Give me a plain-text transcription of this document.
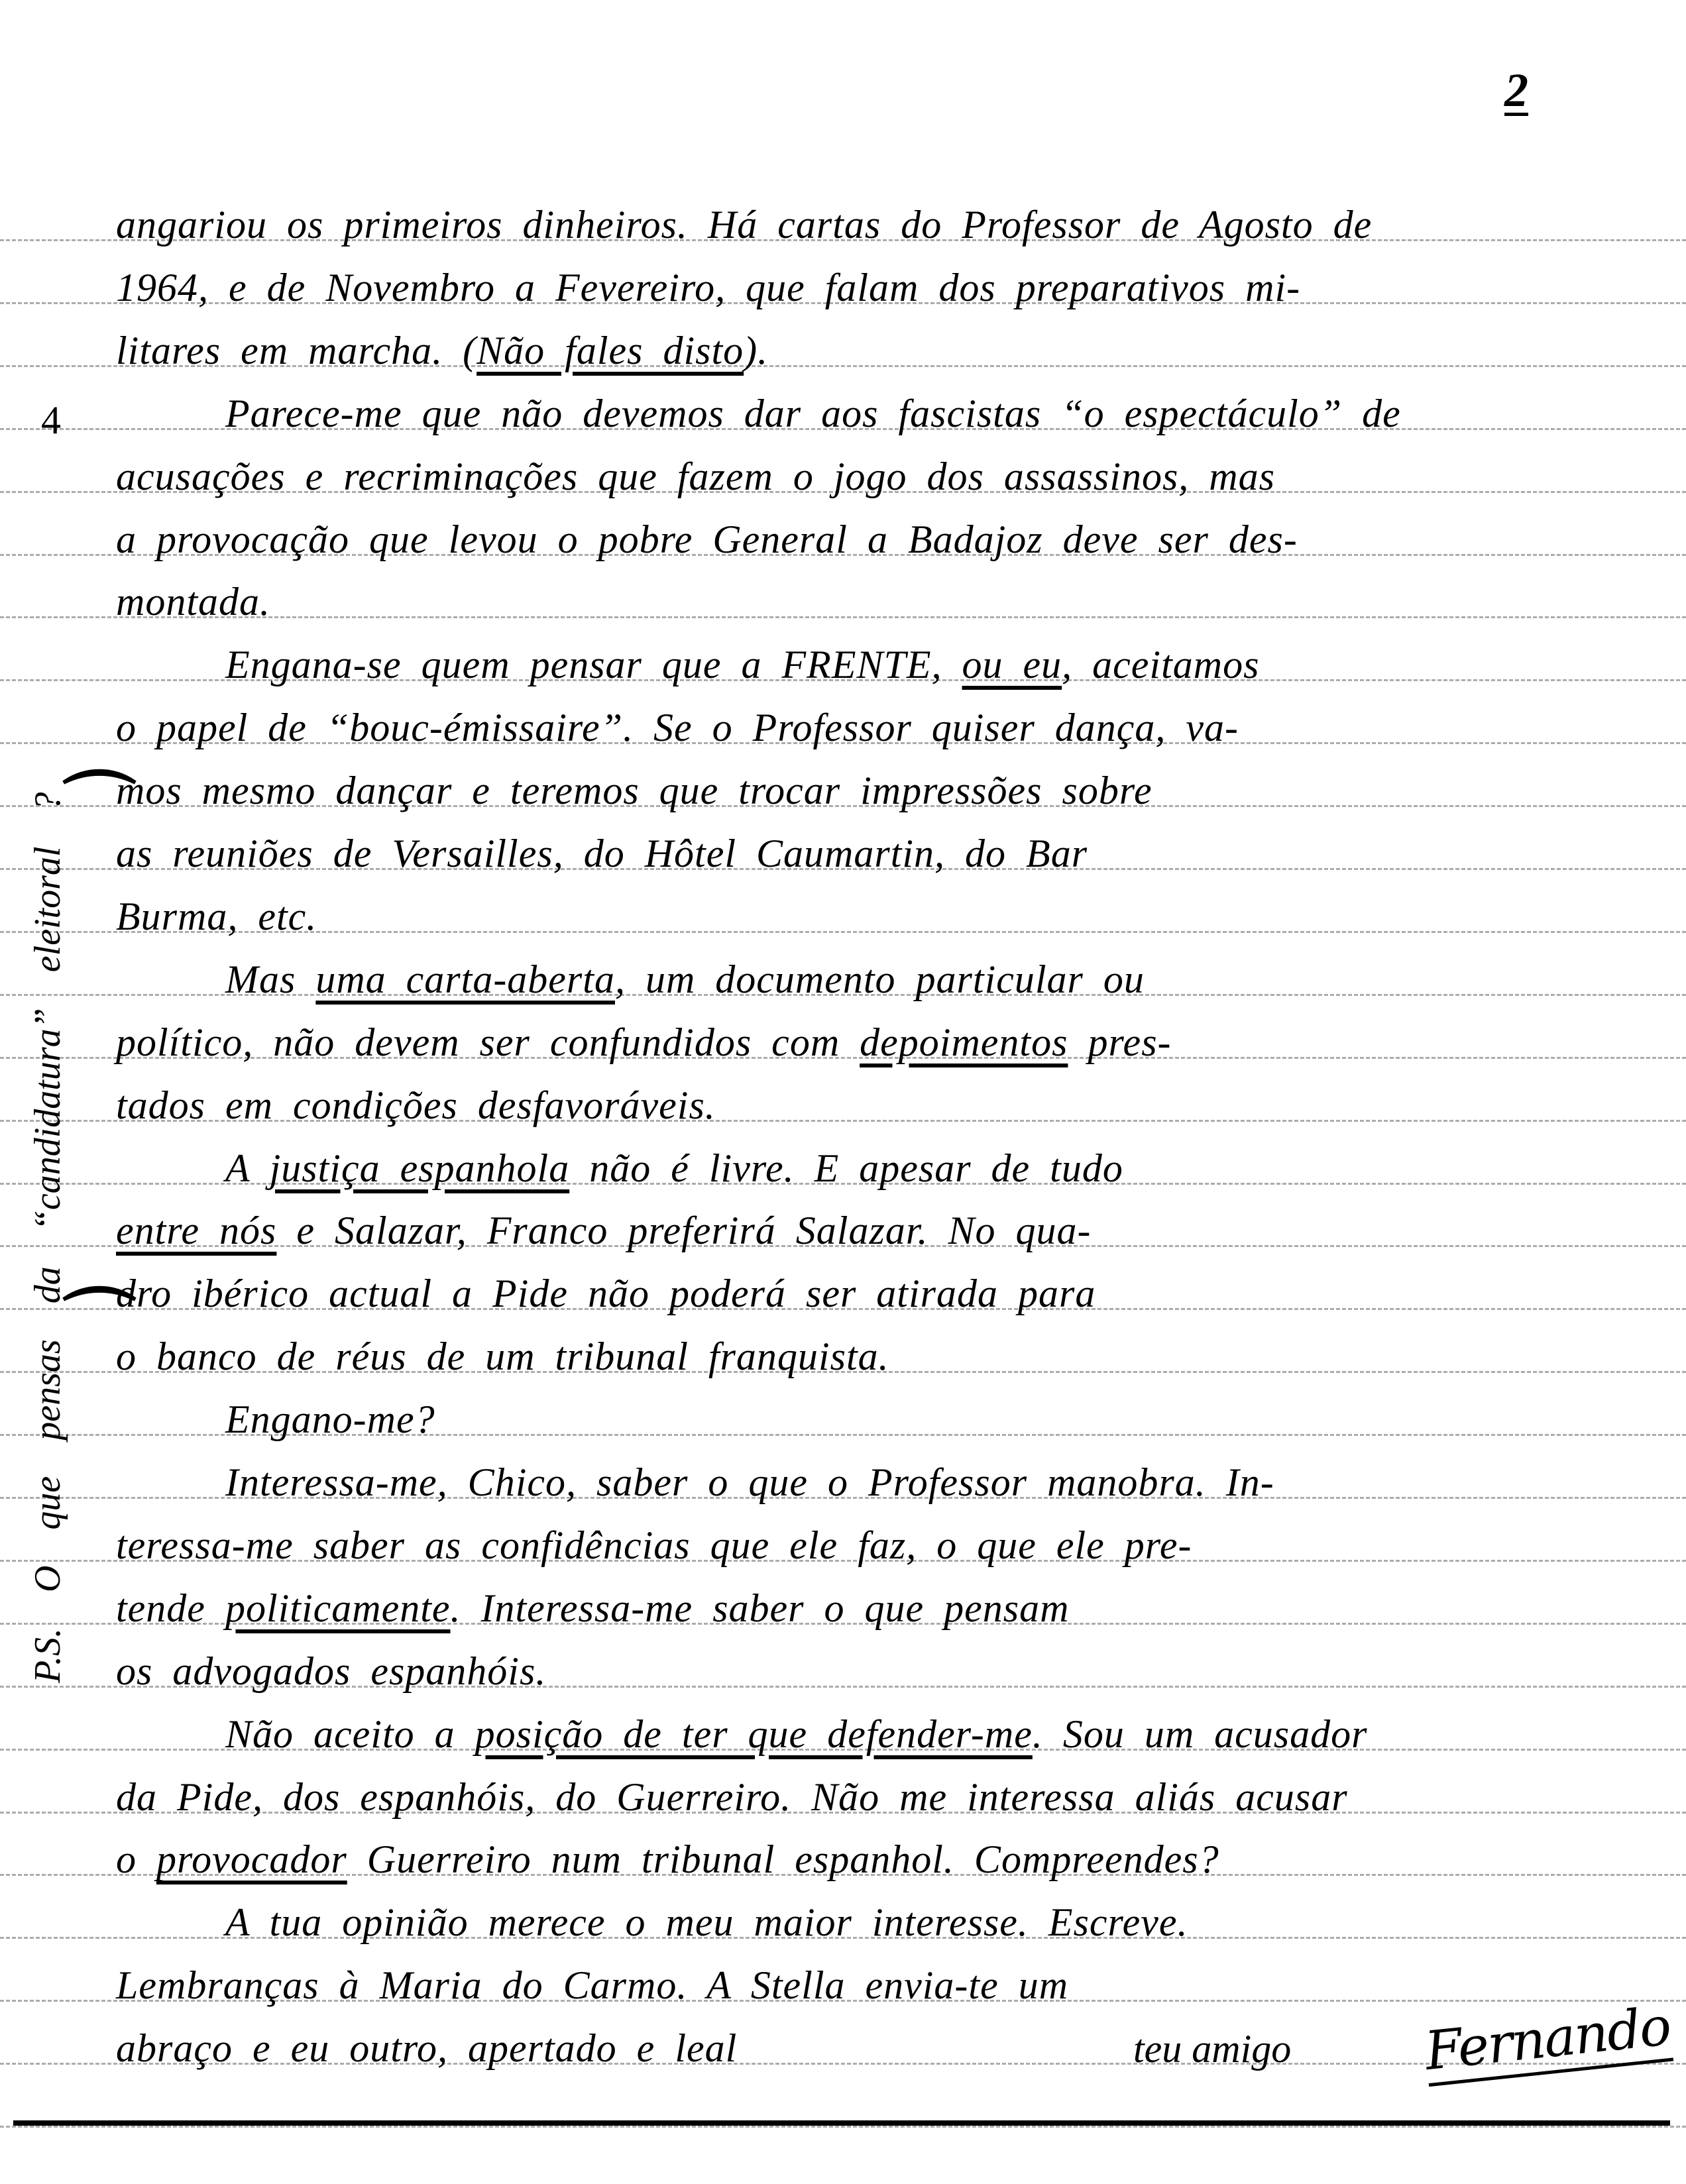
2
angariou os primeiros dinheiros. Há cartas do Professor de Agosto de
1964, e de Novembro a Fevereiro, que falam dos preparativos mi-
litares em marcha. (Não fales disto).
Parece-me que não devemos dar aos fascistas “o espectáculo” de
acusações e recriminações que fazem o jogo dos assassinos, mas
a provocação que levou o pobre General a Badajoz deve ser des-
montada.
Engana-se quem pensar que a FRENTE, ou eu, aceitamos
o papel de “bouc-émissaire”. Se o Professor quiser dança, va-
mos mesmo dançar e teremos que trocar impressões sobre
as reuniões de Versailles, do Hôtel Caumartin, do Bar
Burma, etc.
Mas uma carta-aberta, um documento particular ou
político, não devem ser confundidos com depoimentos pres-
tados em condições desfavoráveis.
A justiça espanhola não é livre. E apesar de tudo
entre nós e Salazar, Franco preferirá Salazar. No qua-
dro ibérico actual a Pide não poderá ser atirada para
o banco de réus de um tribunal franquista.
Engano-me?
Interessa-me, Chico, saber o que o Professor manobra. In-
teressa-me saber as confidências que ele faz, o que ele pre-
tende politicamente. Interessa-me saber o que pensam
os advogados espanhóis.
Não aceito a posição de ter que defender-me. Sou um acusador
da Pide, dos espanhóis, do Guerreiro. Não me interessa aliás acusar
o provocador Guerreiro num tribunal espanhol. Compreendes?
A tua opinião merece o meu maior interesse. Escreve.
Lembranças à Maria do Carmo. A Stella envia-te um
abraço e eu outro, apertado e leal	teu amigo Fernando
P.S. O que pensas da “candidatura” eleitoral ?
4
⌒
⌒
